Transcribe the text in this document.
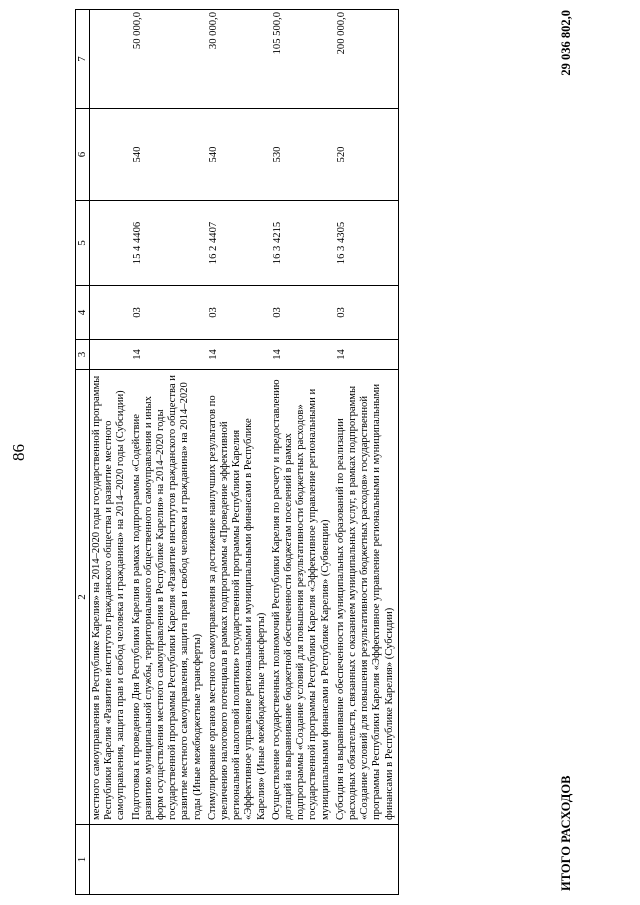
86
1	2	3	4	5	6	7
	местного самоуправления в Республике Карелия» на 2014–2020 годы государственной программы Республики Карелия «Развитие институтов гражданского общества и развитие местного самоуправления, защита прав и свобод человека и гражданина» на 2014–2020 годы (Субсидии)					
	Подготовка к проведению Дня Республики Карелия в рамках подпрограммы «Содействие развитию муниципальной службы, территориального общественного самоуправления и иных форм осуществления местного самоуправления в Республике Карелия» на 2014–2020 годы государственной программы Республики Карелия «Развитие институтов гражданского общества и развитие местного самоуправления, защита прав и свобод человека и гражданина» на 2014–2020 годы (Иные межбюджетные трансферты)	14	03	15 4 4406	540	50 000,0
	Стимулирование органов местного самоуправления за достижение наилучших результатов по увеличению налогового потенциала в рамках подпрограммы «Проведение эффективной региональной налоговой политики» государственной программы Республики Карелия «Эффективное управление региональными и муниципальными финансами в Республике Карелия» (Иные межбюджетные трансферты)	14	03	16 2 4407	540	30 000,0
	Осуществление государственных полномочий Республики Карелия по расчету и предоставлению дотаций на выравнивание бюджетной обеспеченности бюджетам поселений в рамках подпрограммы «Создание условий для повышения результативности бюджетных расходов» государственной программы Республики Карелия «Эффективное управление региональными и муниципальными финансами в Республике Карелия» (Субвенции)	14	03	16 3 4215	530	105 500,0
	Субсидия на выравнивание обеспеченности муниципальных образований по реализации расходных обязательств, связанных с оказанием муниципальных услуг, в рамках подпрограммы «Создание условий для повышения результативности бюджетных расходов» государственной программы Республики Карелия «Эффективное управление региональными и муниципальными финансами в Республике Карелия» (Субсидии)	14	03	16 3 4305	520	200 000,0
ИТОГО РАСХОДОВ
29 036 802,0
